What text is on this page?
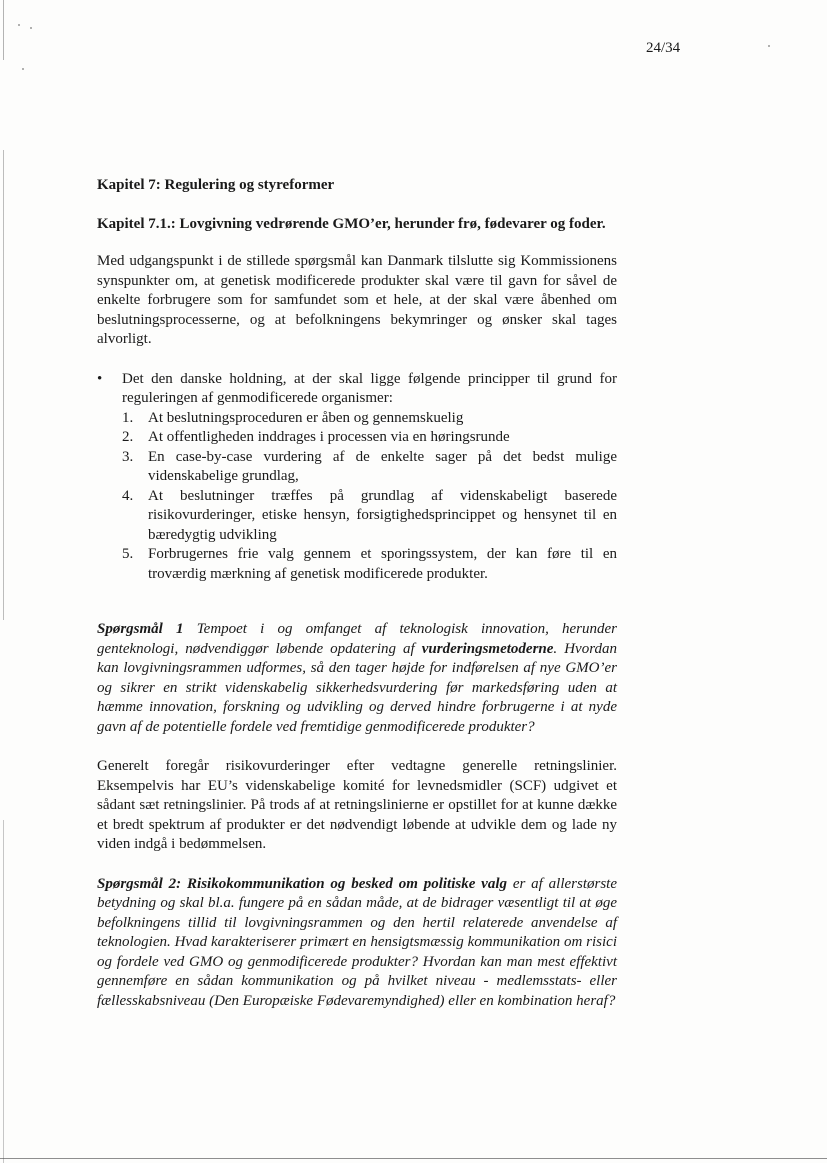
24/34

Kapitel 7: Regulering og styreformer

Kapitel 7.1.: Lovgivning vedrørende GMO’er, herunder frø, fødevarer og foder.

Med udgangspunkt i de stillede spørgsmål kan Danmark tilslutte sig Kommissionens synspunkter om, at genetisk modificerede produkter skal være til gavn for såvel de enkelte forbrugere som for samfundet som et hele, at der skal være åbenhed om beslutningsprocesserne, og at befolkningens bekymringer og ønsker skal tages alvorligt.

• Det den danske holdning, at der skal ligge følgende principper til grund for reguleringen af genmodificerede organismer:

1. At beslutningsproceduren er åben og gennemskuelig
2. At offentligheden inddrages i processen via en høringsrunde
3. En case-by-case vurdering af de enkelte sager på det bedst mulige videnskabelige grundlag,
4. At beslutninger træffes på grundlag af videnskabeligt baserede risikovurderinger, etiske hensyn, forsigtighedsprincippet og hensynet til en bæredygtig udvikling
5. Forbrugernes frie valg gennem et sporingssystem, der kan føre til en troværdig mærkning af genetisk modificerede produkter.

Spørgsmål 1 Tempoet i og omfanget af teknologisk innovation, herunder genteknologi, nødvendiggør løbende opdatering af vurderingsmetoderne. Hvordan kan lovgivningsrammen udformes, så den tager højde for indførelsen af nye GMO’er og sikrer en strikt videnskabelig sikkerhedsvurdering før markedsføring uden at hæmme innovation, forskning og udvikling og derved hindre forbrugerne i at nyde gavn af de potentielle fordele ved fremtidige genmodificerede produkter?

Generelt foregår risikovurderinger efter vedtagne generelle retningslinier. Eksempelvis har EU’s videnskabelige komité for levnedsmidler (SCF) udgivet et sådant sæt retningslinier. På trods af at retningslinierne er opstillet for at kunne dække et bredt spektrum af produkter er det nødvendigt løbende at udvikle dem og lade ny viden indgå i bedømmelsen.

Spørgsmål 2: Risikokommunikation og besked om politiske valg er af allerstørste betydning og skal bl.a. fungere på en sådan måde, at de bidrager væsentligt til at øge befolkningens tillid til lovgivningsrammen og den hertil relaterede anvendelse af teknologien. Hvad karakteriserer primært en hensigtsmæssig kommunikation om risici og fordele ved GMO og genmodificerede produkter? Hvordan kan man mest effektivt gennemføre en sådan kommunikation og på hvilket niveau - medlemsstats- eller fællesskabsniveau (Den Europæiske Fødevaremyndighed) eller en kombination heraf?
